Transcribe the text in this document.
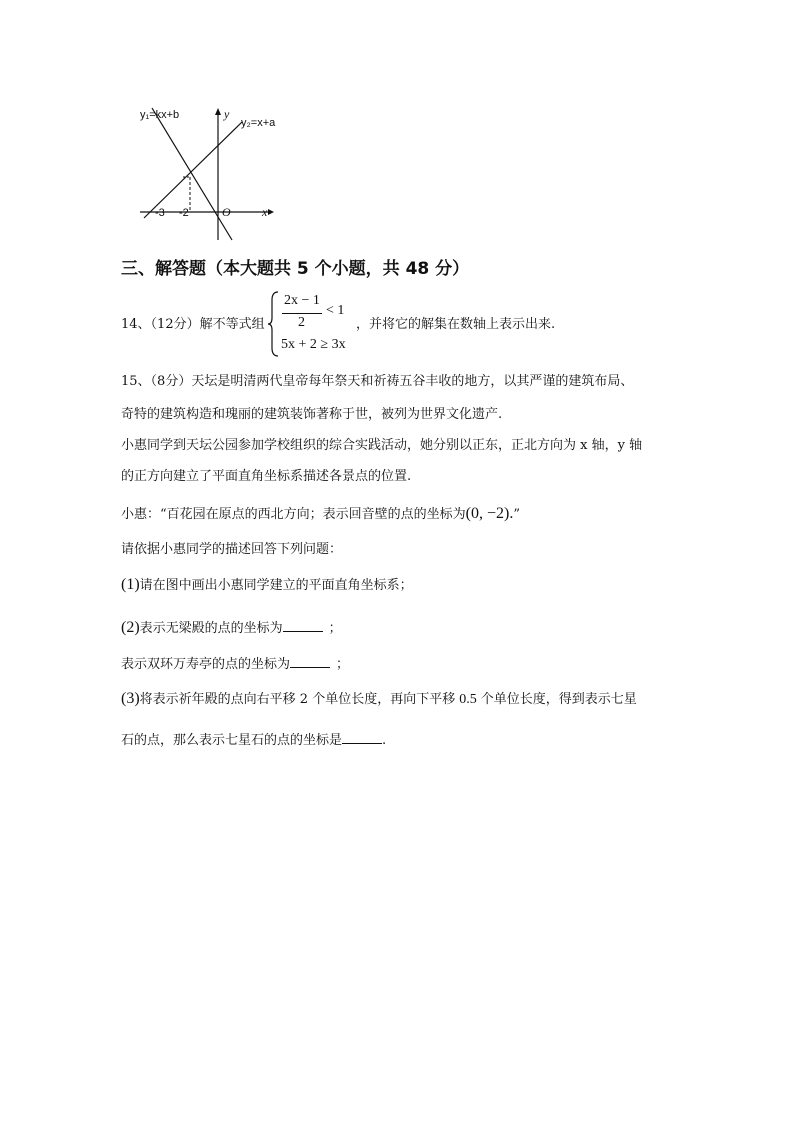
y₁=kx+b
y₂=x+a
y
x
O
-3 -2
三、解答题（本大题共 5 个小题，共 48 分）
14、（12分）解不等式组
2x − 1
2
< 1
5x + 2 ≥ 3x
，并将它的解集在数轴上表示出来.
15、（8分）天坛是明清两代皇帝每年祭天和祈祷五谷丰收的地方，以其严谨的建筑布局、
奇特的建筑构造和瑰丽的建筑装饰著称于世，被列为世界文化遗产.
小惠同学到天坛公园参加学校组织的综合实践活动，她分别以正东，正北方向为 x 轴，y 轴
的正方向建立了平面直角坐标系描述各景点的位置.
小惠：“百花园在原点的西北方向；表示回音壁的点的坐标为(0, −2).”
请依据小惠同学的描述回答下列问题：
(1)请在图中画出小惠同学建立的平面直角坐标系；
(2)表示无梁殿的点的坐标为	；
表示双环万寿亭的点的坐标为	；
(3)将表示祈年殿的点向右平移 2 个单位长度，再向下平移 0.5 个单位长度，得到表示七星
石的点，那么表示七星石的点的坐标是	.
